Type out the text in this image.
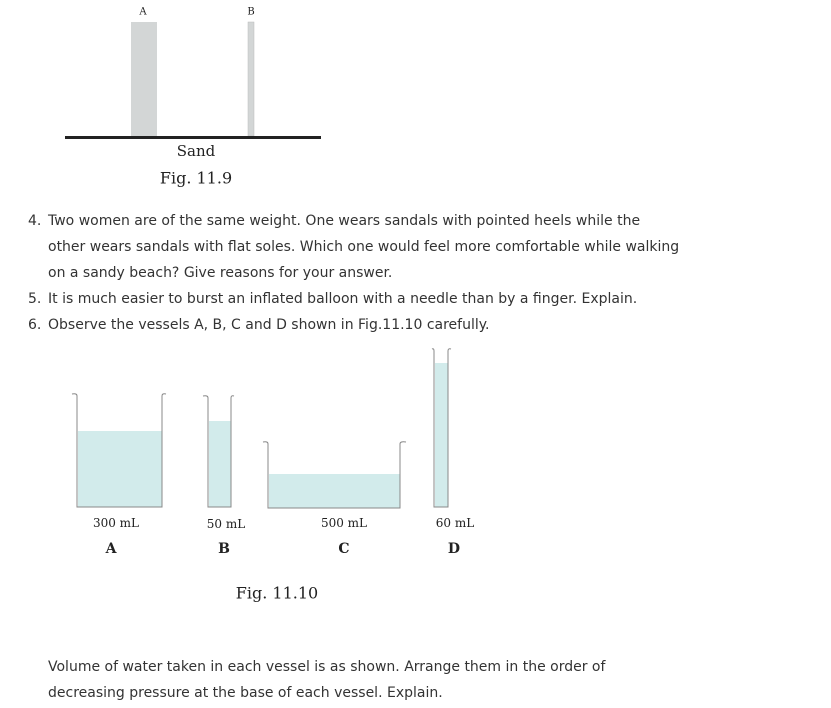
A	B
Sand
Fig. 11.9
4. Two women are of the same weight. One wears sandals with pointed heels while the
other wears sandals with flat soles. Which one would feel more comfortable while walking
on a sandy beach? Give reasons for your answer.
5. It is much easier to burst an inflated balloon with a needle than by a finger. Explain.
6. Observe the vessels A, B, C and D shown in Fig.11.10 carefully.
300 mL	50 mL	500 mL	60 mL
A	B	C	D
Fig. 11.10
Volume of water taken in each vessel is as shown. Arrange them in the order of
decreasing pressure at the base of each vessel. Explain.
